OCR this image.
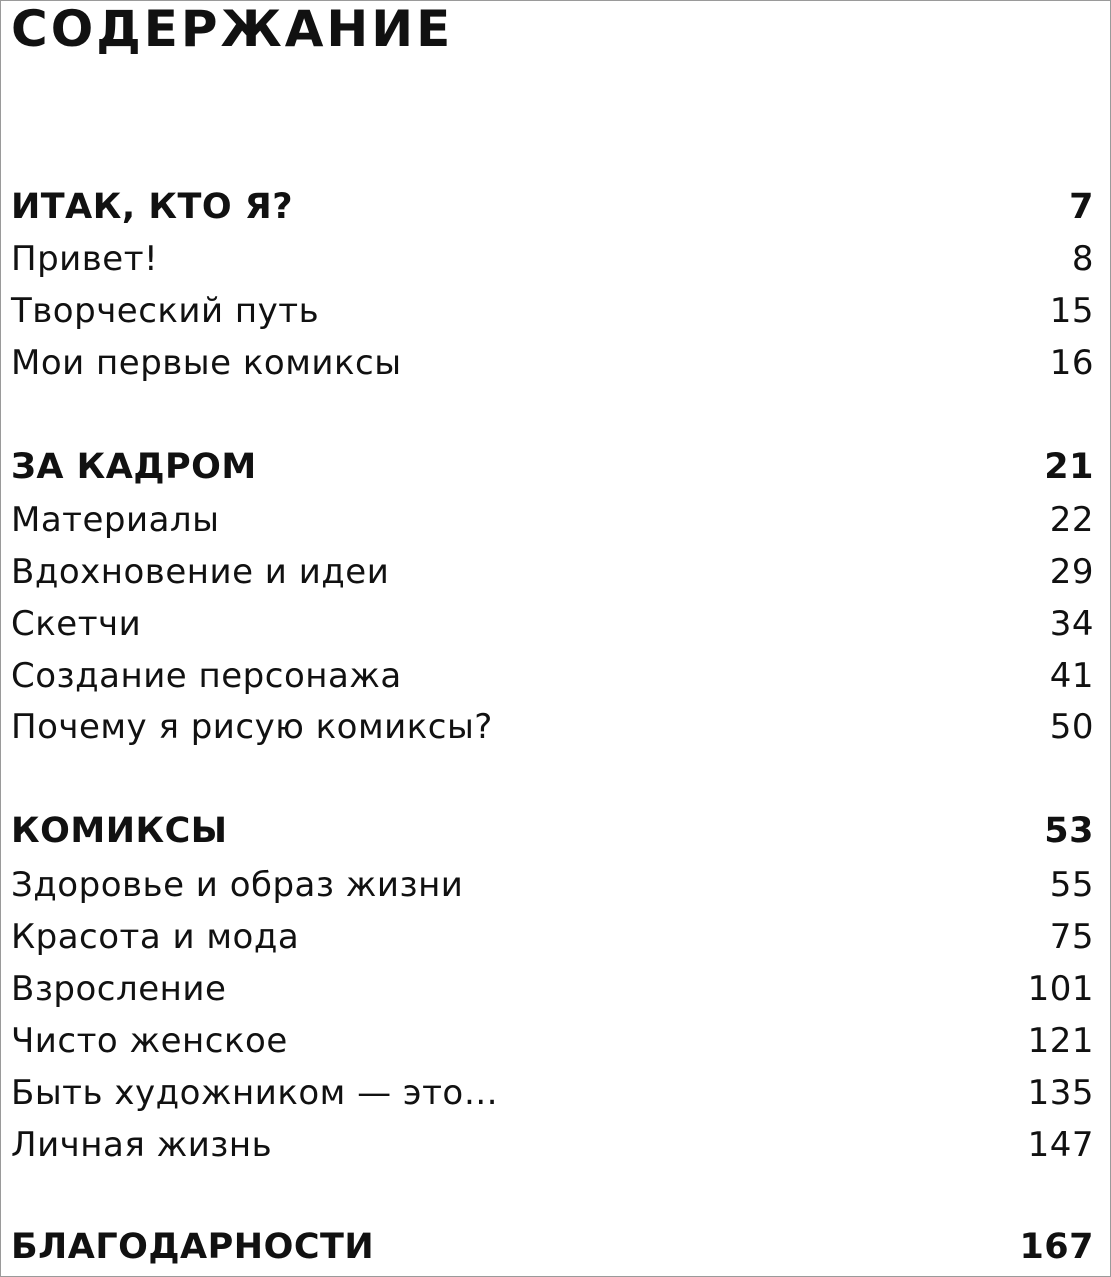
СОДЕРЖАНИЕ
ИТАК, КТО Я?	7
Привет!	8
Творческий путь	15
Мои первые комиксы	16
ЗА КАДРОМ	21
Материалы	22
Вдохновение и идеи	29
Скетчи	34
Создание персонажа	41
Почему я рисую комиксы?	50
КОМИКСЫ	53
Здоровье и образ жизни	55
Красота и мода	75
Взросление	101
Чисто женское	121
Быть художником — это…	135
Личная жизнь	147
БЛАГОДАРНОСТИ	167
